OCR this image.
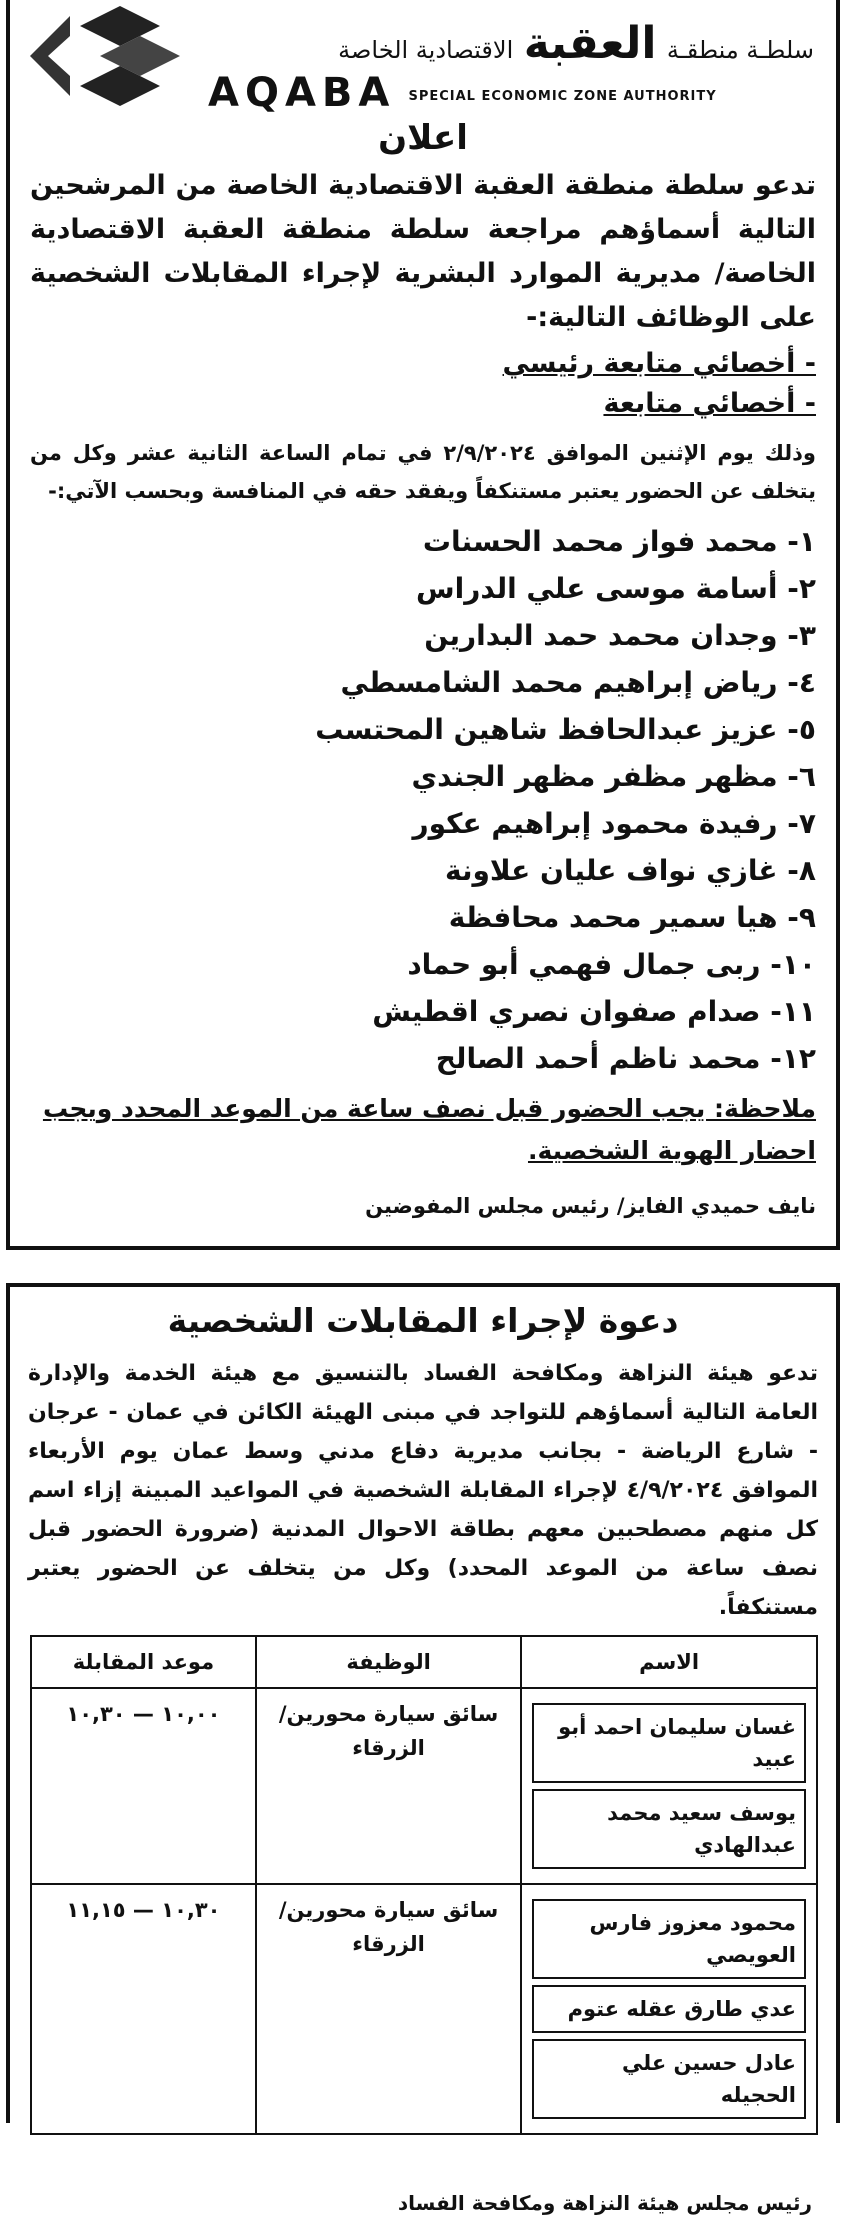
سلطـة منطقـة العقبة الاقتصادية الخاصة
AQABA $^{SPECIAL ECONOMIC ZONE AUTHORITY}$
اعلان
تدعو سلطة منطقة العقبة الاقتصادية الخاصة من المرشحين التالية أسماؤهم مراجعة سلطة منطقة العقبة الاقتصادية الخاصة/ مديرية الموارد البشرية لإجراء المقابلات الشخصية على الوظائف التالية:-
- أخصائي متابعة رئيسي
- أخصائي متابعة
وذلك يوم الإثنين الموافق ٢/٩/٢٠٢٤ في تمام الساعة الثانية عشر وكل من يتخلف عن الحضور يعتبر مستنكفاً ويفقد حقه في المنافسة وبحسب الآتي:-
١- محمد فواز محمد الحسنات
٢- أسامة موسى علي الدراس
٣- وجدان محمد حمد البدارين
٤- رياض إبراهيم محمد الشامسطي
٥- عزيز عبدالحافظ شاهين المحتسب
٦- مظهر مظفر مظهر الجندي
٧- رفيدة محمود إبراهيم عكور
٨- غازي نواف عليان علاونة
٩- هيا سمير محمد محافظة
١٠- ربى جمال فهمي أبو حماد
١١- صدام صفوان نصري اقطيش
١٢- محمد ناظم أحمد الصالح
ملاحظة: يجب الحضور قبل نصف ساعة من الموعد المحدد ويجب احضار الهوية الشخصية.
نايف حميدي الفايز/ رئيس مجلس المفوضين
دعوة لإجراء المقابلات الشخصية
تدعو هيئة النزاهة ومكافحة الفساد بالتنسيق مع هيئة الخدمة والإدارة العامة التالية أسماؤهم للتواجد في مبنى الهيئة الكائن في عمان - عرجان - شارع الرياضة - بجانب مديرية دفاع مدني وسط عمان يوم الأربعاء الموافق ٤/٩/٢٠٢٤ لإجراء المقابلة الشخصية في المواعيد المبينة إزاء اسم كل منهم مصطحبين معهم بطاقة الاحوال المدنية (ضرورة الحضور قبل نصف ساعة من الموعد المحدد) وكل من يتخلف عن الحضور يعتبر مستنكفاً.
الاسم	الوظيفة	موعد المقابلة

غسان سليمان احمد أبو عبيد
يوسف سعيد محمد عبدالهادي	سائق سيارة محورين/ الزرقاء	١٠,٠٠ — ١٠,٣٠

محمود معزوز فارس العويصي
عدي طارق عقله عتوم
عادل حسين علي الحجيله	سائق سيارة محورين/ الزرقاء	١٠,٣٠ — ١١,١٥
رئيس مجلس هيئة النزاهة ومكافحة الفساد
